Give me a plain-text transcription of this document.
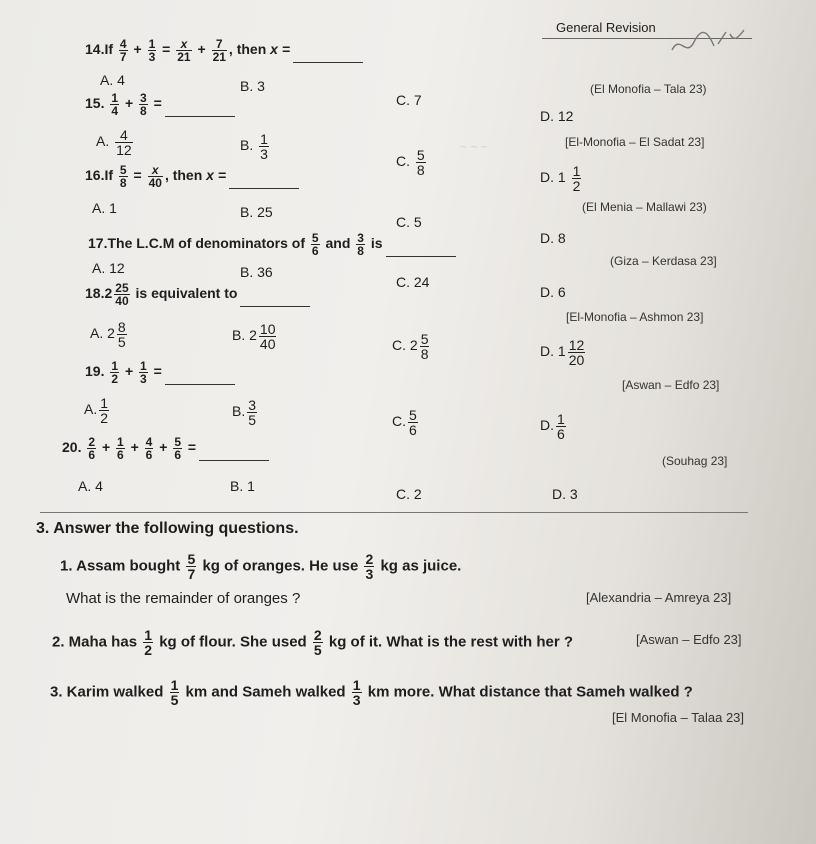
General Revision
$14.If \frac{4}{7} + \frac{1}{3} = \frac{x}{21} + \frac{7}{21}$ , then x =
A. 4	B. 3
C. 7
D. 12
(El Monofia – Tala 23)
15. $\frac{1}{4} + \frac{3}{8}$ =
A. $\frac{4}{12}$	B. $\frac{1}{3}$
C. $\frac{5}{8}$
D. $1 \frac{1}{2}$
[El-Monofia – El Sadat 23]
$16.If \frac{5}{8} = \frac{x}{40}$ , then x =
A. 1	B. 25
C. 5
D. 8
(El Menia – Mallawi 23)
17.The L.C.M of denominators of $\frac{5}{6}$ and $\frac{3}{8}$ is
A. 12	B. 36
C. 24
D. 6
(Giza – Kerdasa 23]
$18.2 \frac{25}{40}$ is equivalent to
A. $2 \frac{8}{5}$	B. $2 \frac{10}{40}$	C. $2 \frac{5}{8}$	D. $1 \frac{12}{20}$
[El-Monofia – Ashmon 23]
19. $\frac{1}{2} + \frac{1}{3}$ =
A. $\frac{1}{2}$	B. $\frac{3}{5}$	C. $\frac{5}{6}$	D. $\frac{1}{6}$
[Aswan – Edfo 23]
20. $\frac{2}{6} + \frac{1}{6} + \frac{4}{6} + \frac{5}{6}$ =
A. 4	B. 1	C. 2	D. 3
(Souhag 23]
3. Answer the following questions.
1. Assam bought $\frac{5}{7}$ kg of oranges. He use $\frac{2}{3}$ kg as juice.
What is the remainder of oranges ?	[Alexandria – Amreya 23]
2. Maha has $\frac{1}{2}$ kg of flour. She used $\frac{2}{5}$ kg of it. What is the rest with her ?	[Aswan – Edfo 23]
3. Karim walked $\frac{1}{5}$ km and Sameh walked $\frac{1}{3}$ km more. What distance that Sameh walked ?
[El Monofia – Talaa 23]
~ ~ ~
